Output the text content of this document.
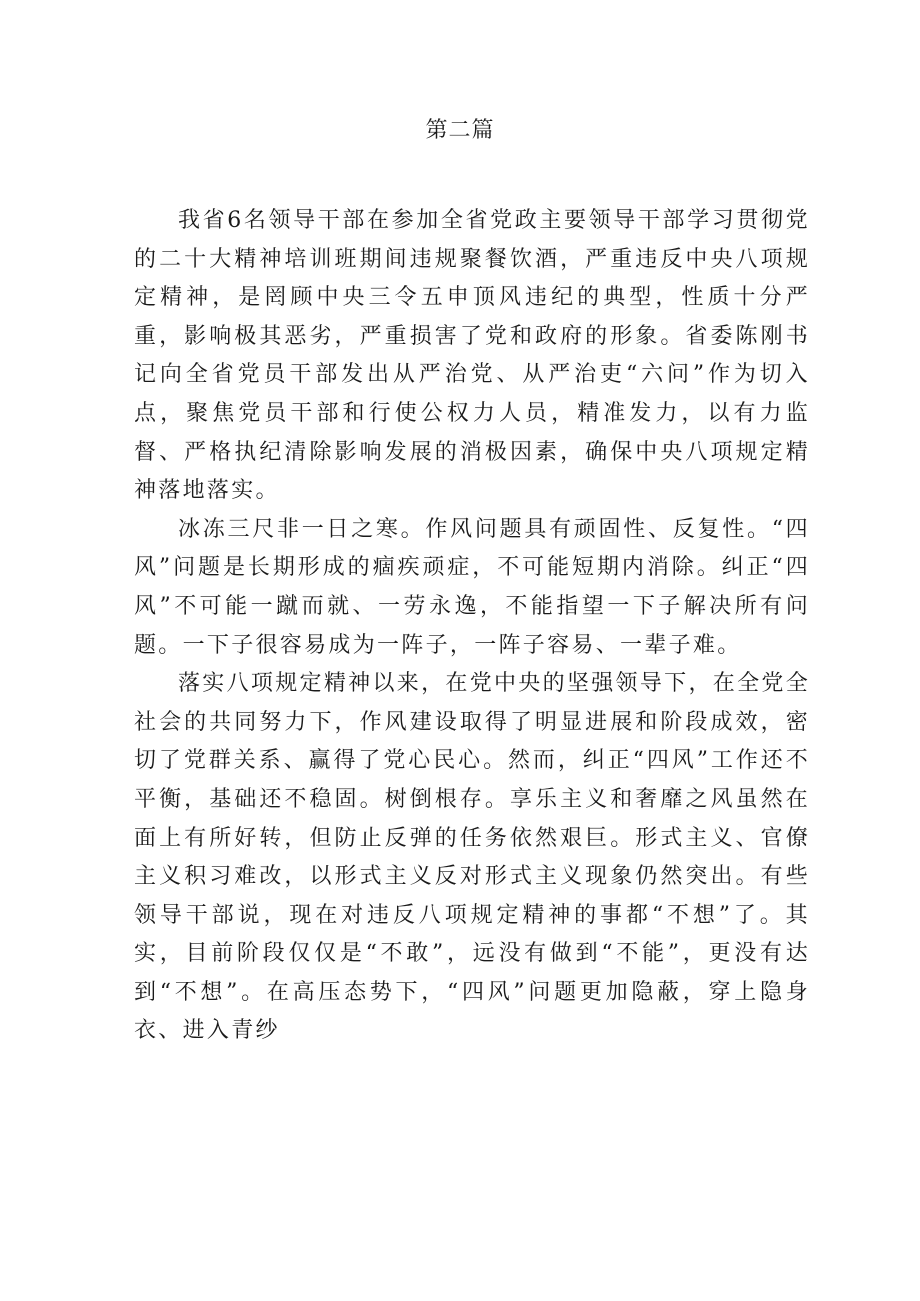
第二篇

我省6名领导干部在参加全省党政主要领导干部学习贯彻党的二十大精神培训班期间违规聚餐饮酒，严重违反中央八项规定精神，是罔顾中央三令五申顶风违纪的典型，性质十分严重，影响极其恶劣，严重损害了党和政府的形象。省委陈刚书记向全省党员干部发出从严治党、从严治吏“六问”作为切入点，聚焦党员干部和行使公权力人员，精准发力，以有力监督、严格执纪清除影响发展的消极因素，确保中央八项规定精神落地落实。

冰冻三尺非一日之寒。作风问题具有顽固性、反复性。“四风”问题是长期形成的痼疾顽症，不可能短期内消除。纠正“四风”不可能一蹴而就、一劳永逸，不能指望一下子解决所有问题。一下子很容易成为一阵子，一阵子容易、一辈子难。

落实八项规定精神以来，在党中央的坚强领导下，在全党全社会的共同努力下，作风建设取得了明显进展和阶段成效，密切了党群关系、赢得了党心民心。然而，纠正“四风”工作还不平衡，基础还不稳固。树倒根存。享乐主义和奢靡之风虽然在面上有所好转，但防止反弹的任务依然艰巨。形式主义、官僚主义积习难改，以形式主义反对形式主义现象仍然突出。有些领导干部说，现在对违反八项规定精神的事都“不想”了。其实，目前阶段仅仅是“不敢”，远没有做到“不能”，更没有达到“不想”。在高压态势下，“四风”问题更加隐蔽，穿上隐身衣、进入青纱
